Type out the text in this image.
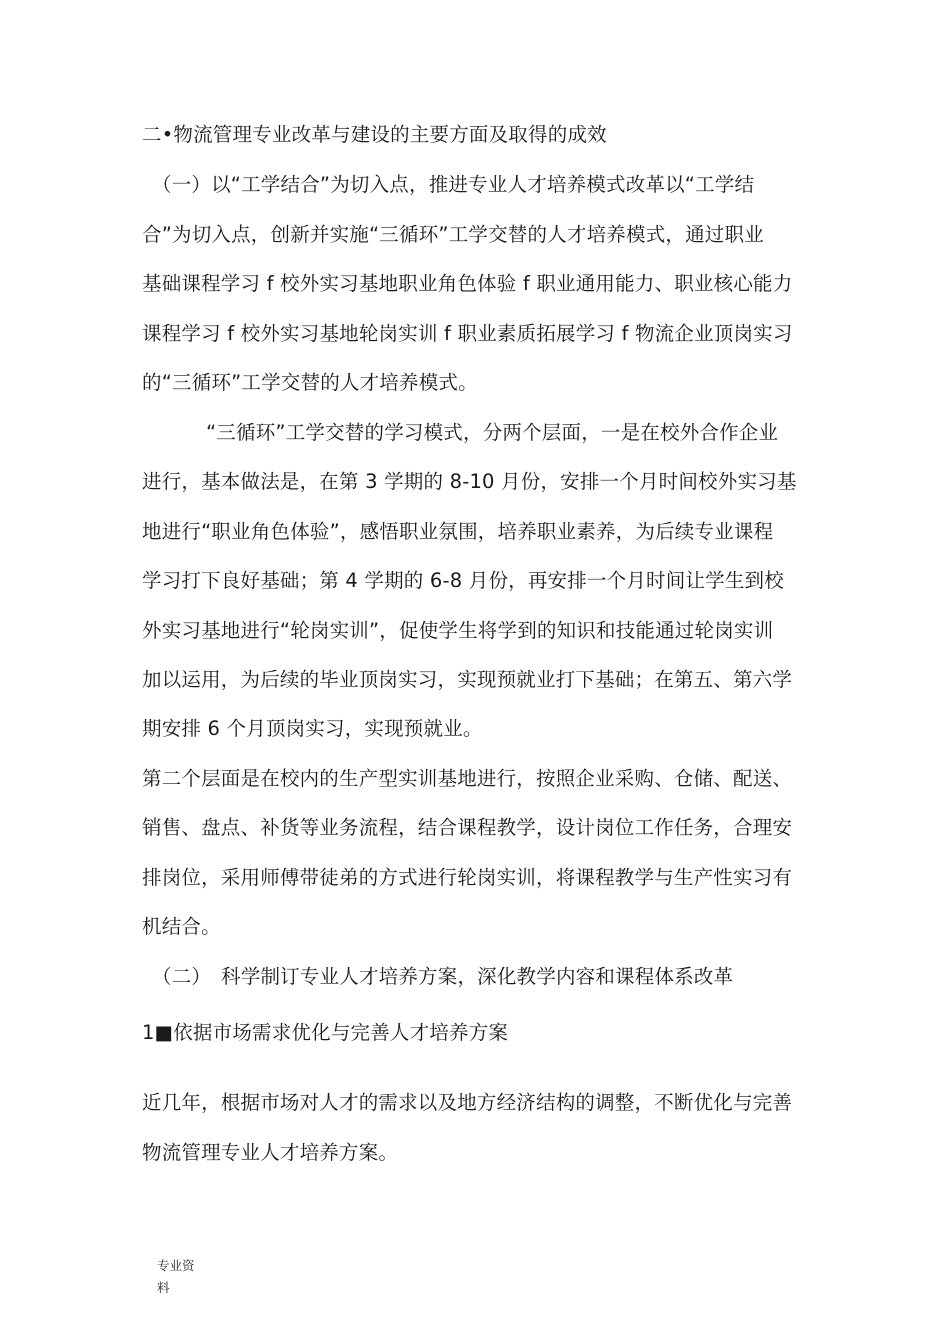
二•物流管理专业改革与建设的主要方面及取得的成效
（一）以“工学结合”为切入点，推进专业人才培养模式改革以“工学结
合”为切入点，创新并实施“三循环”工学交替的人才培养模式，通过职业
基础课程学习 f 校外实习基地职业角色体验 f 职业通用能力、职业核心能力
课程学习 f 校外实习基地轮岗实训 f 职业素质拓展学习 f 物流企业顶岗实习
的“三循环”工学交替的人才培养模式。
“三循环”工学交替的学习模式，分两个层面，一是在校外合作企业
进行，基本做法是，在第 3 学期的 8-10 月份，安排一个月时间校外实习基
地进行“职业角色体验”，感悟职业氛围，培养职业素养，为后续专业课程
学习打下良好基础；第 4 学期的 6-8 月份，再安排一个月时间让学生到校
外实习基地进行“轮岗实训”，促使学生将学到的知识和技能通过轮岗实训
加以运用，为后续的毕业顶岗实习，实现预就业打下基础；在第五、第六学
期安排 6 个月顶岗实习，实现预就业。
第二个层面是在校内的生产型实训基地进行，按照企业采购、仓储、配送、
销售、盘点、补货等业务流程，结合课程教学，设计岗位工作任务，合理安
排岗位，采用师傅带徒弟的方式进行轮岗实训，将课程教学与生产性实习有
机结合。
（二）　科学制订专业人才培养方案，深化教学内容和课程体系改革
1■依据市场需求优化与完善人才培养方案
近几年，根据市场对人才的需求以及地方经济结构的调整，不断优化与完善
物流管理专业人才培养方案。
专业资
料
